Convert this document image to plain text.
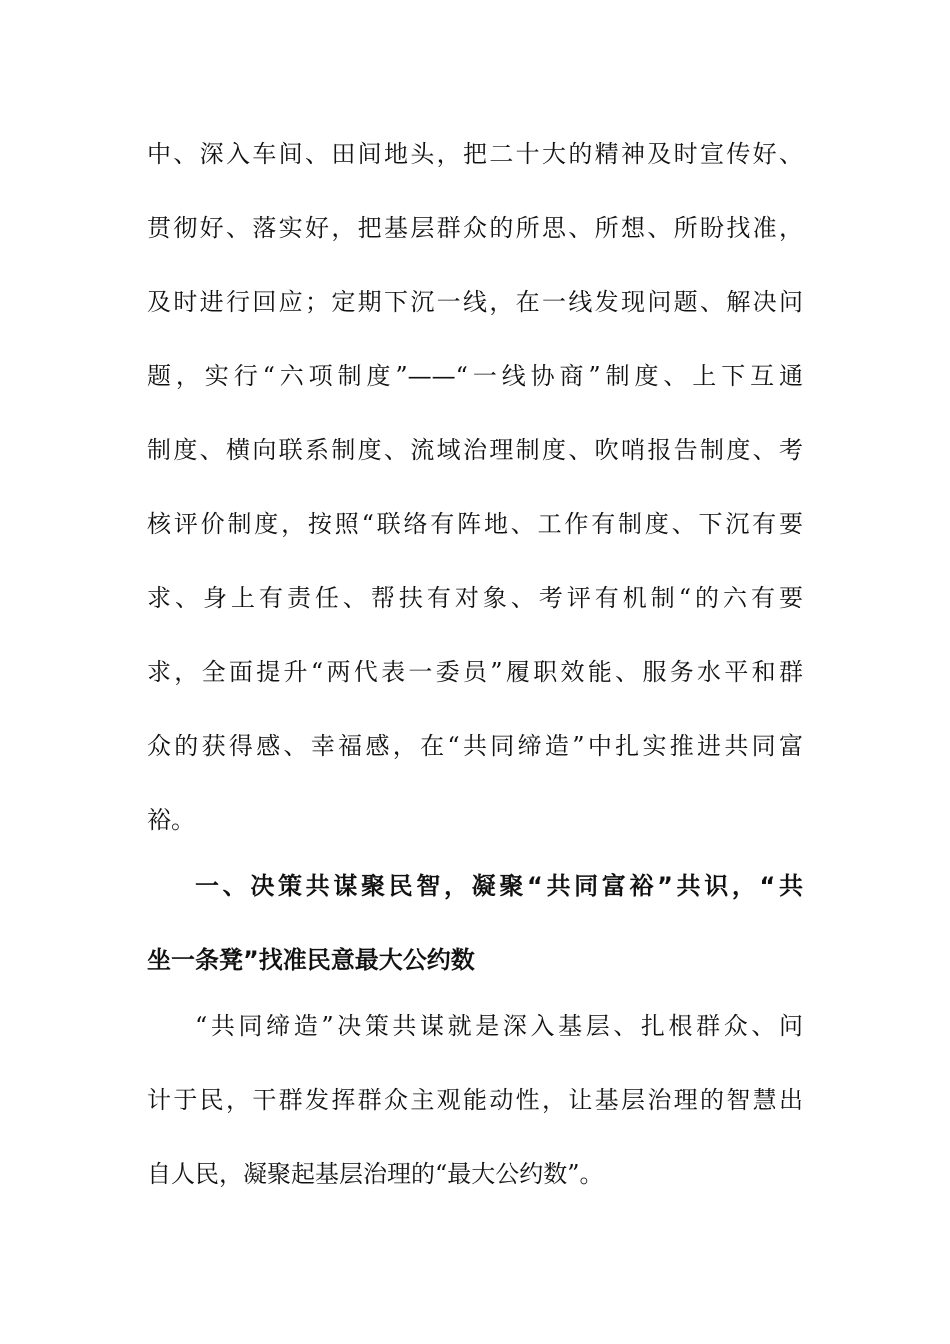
中、深入车间、田间地头，把二十大的精神及时宣传好、
贯彻好、落实好，把基层群众的所思、所想、所盼找准，
及时进行回应；定期下沉一线，在一线发现问题、解决问
题，实行“六项制度”——“一线协商”制度、上下互通
制度、横向联系制度、流域治理制度、吹哨报告制度、考
核评价制度，按照“联络有阵地、工作有制度、下沉有要
求、身上有责任、帮扶有对象、考评有机制“的六有要
求，全面提升“两代表一委员”履职效能、服务水平和群
众的获得感、幸福感，在“共同缔造”中扎实推进共同富
裕。
一、决策共谋聚民智，凝聚“共同富裕”共识，“共
坐一条凳”找准民意最大公约数
“共同缔造”决策共谋就是深入基层、扎根群众、问
计于民，干群发挥群众主观能动性，让基层治理的智慧出
自人民，凝聚起基层治理的“最大公约数”。
